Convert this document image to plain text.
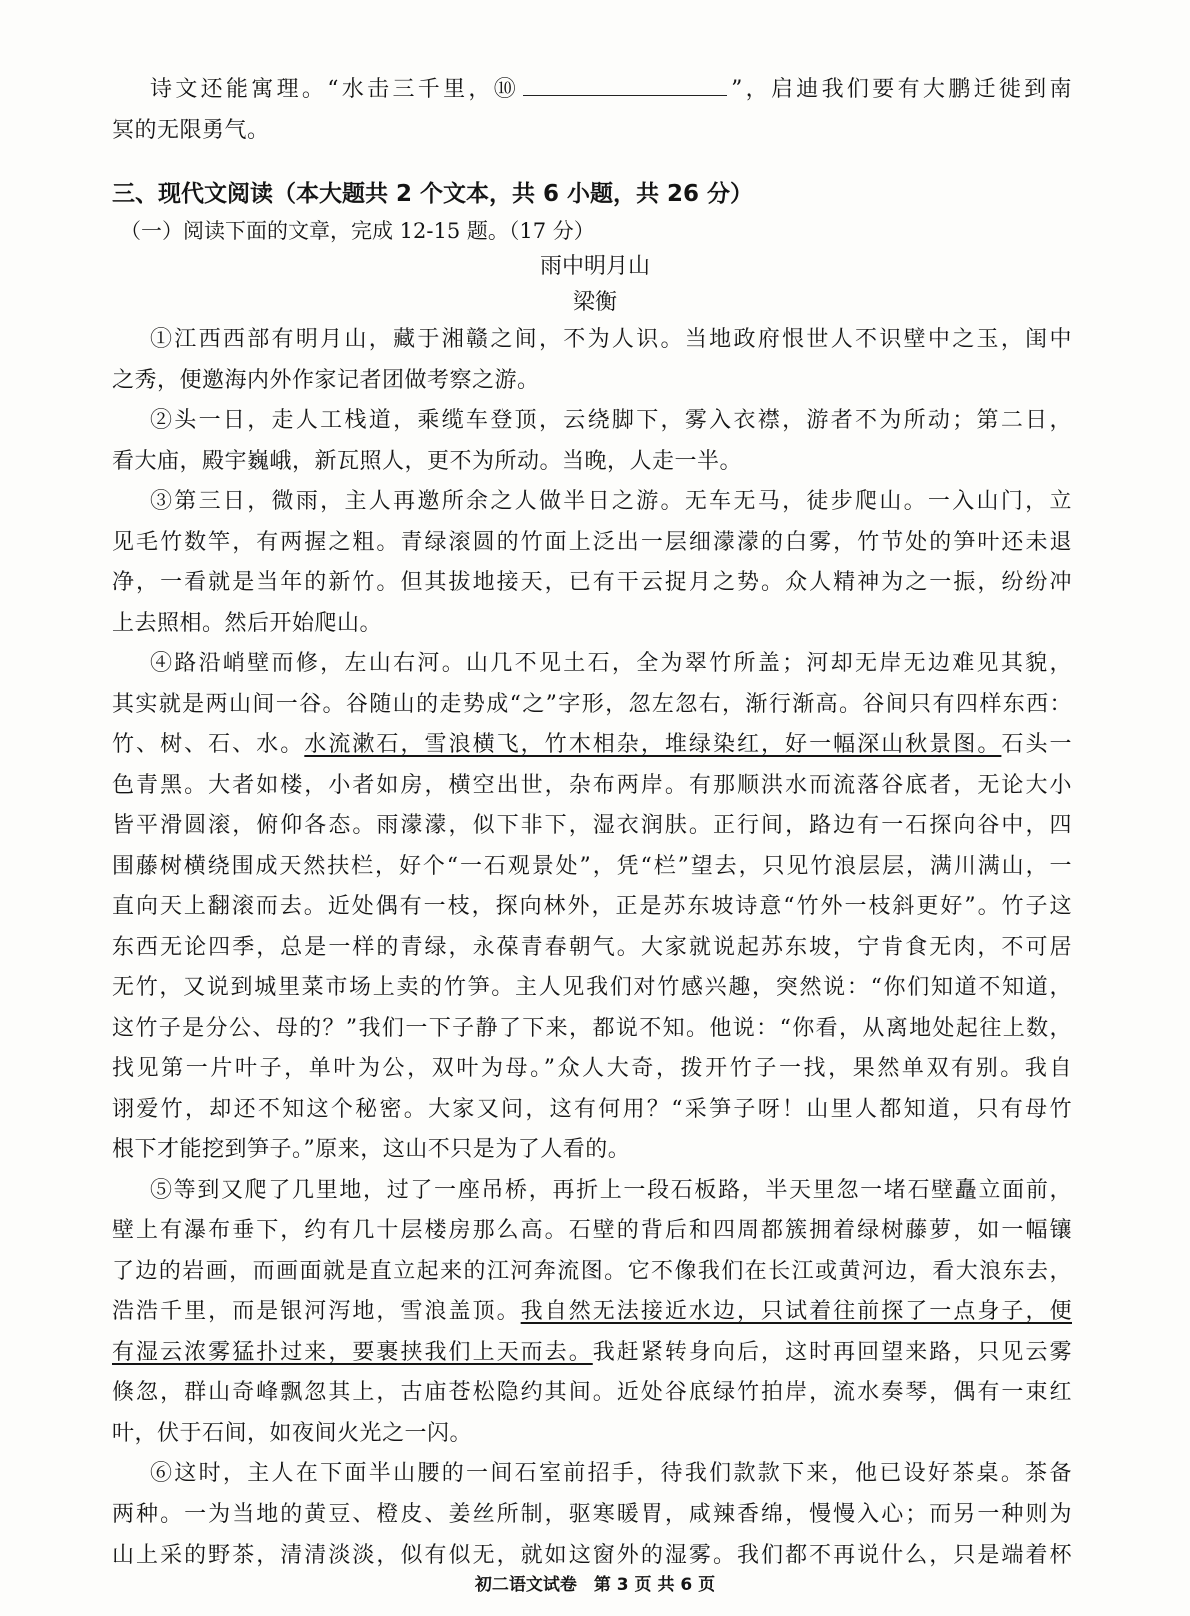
诗文还能寓理。“水击三千里，⑩	”，启迪我们要有大鹏迁徙到南
冥的无限勇气。
三、现代文阅读（本大题共 2 个文本，共 6 小题，共 26 分）
（一）阅读下面的文章，完成 12-15 题。（17 分）
雨中明月山
梁衡
①江西西部有明月山，藏于湘赣之间，不为人识。当地政府恨世人不识壁中之玉，闺中
之秀，便邀海内外作家记者团做考察之游。
②头一日，走人工栈道，乘缆车登顶，云绕脚下，雾入衣襟，游者不为所动；第二日，
看大庙，殿宇巍峨，新瓦照人，更不为所动。当晚，人走一半。
③第三日，微雨，主人再邀所余之人做半日之游。无车无马，徒步爬山。一入山门，立
见毛竹数竿，有两握之粗。青绿滚圆的竹面上泛出一层细濛濛的白雾，竹节处的笋叶还未退
净，一看就是当年的新竹。但其拔地接天，已有干云捉月之势。众人精神为之一振，纷纷冲
上去照相。然后开始爬山。
④路沿峭壁而修，左山右河。山几不见土石，全为翠竹所盖；河却无岸无边难见其貌，
其实就是两山间一谷。谷随山的走势成“之”字形，忽左忽右，渐行渐高。谷间只有四样东西：
竹、树、石、水。水流漱石，雪浪横飞，竹木相杂，堆绿染红，好一幅深山秋景图。石头一
色青黑。大者如楼，小者如房，横空出世，杂布两岸。有那顺洪水而流落谷底者，无论大小
皆平滑圆滚，俯仰各态。雨濛濛，似下非下，湿衣润肤。正行间，路边有一石探向谷中，四
围藤树横绕围成天然扶栏，好个“一石观景处”，凭“栏”望去，只见竹浪层层，满川满山，一
直向天上翻滚而去。近处偶有一枝，探向林外，正是苏东坡诗意“竹外一枝斜更好”。竹子这
东西无论四季，总是一样的青绿，永葆青春朝气。大家就说起苏东坡，宁肯食无肉，不可居
无竹，又说到城里菜市场上卖的竹笋。主人见我们对竹感兴趣，突然说：“你们知道不知道，
这竹子是分公、母的？”我们一下子静了下来，都说不知。他说：“你看，从离地处起往上数，
找见第一片叶子，单叶为公，双叶为母。”众人大奇，拨开竹子一找，果然单双有别。我自
诩爱竹，却还不知这个秘密。大家又问，这有何用？“采笋子呀！山里人都知道，只有母竹
根下才能挖到笋子。”原来，这山不只是为了人看的。
⑤等到又爬了几里地，过了一座吊桥，再折上一段石板路，半天里忽一堵石壁矗立面前，
壁上有瀑布垂下，约有几十层楼房那么高。石壁的背后和四周都簇拥着绿树藤萝，如一幅镶
了边的岩画，而画面就是直立起来的江河奔流图。它不像我们在长江或黄河边，看大浪东去，
浩浩千里，而是银河泻地，雪浪盖顶。我自然无法接近水边，只试着往前探了一点身子，便
有湿云浓雾猛扑过来，要裹挟我们上天而去。我赶紧转身向后，这时再回望来路，只见云雾
倏忽，群山奇峰飘忽其上，古庙苍松隐约其间。近处谷底绿竹拍岸，流水奏琴，偶有一束红
叶，伏于石间，如夜间火光之一闪。
⑥这时，主人在下面半山腰的一间石室前招手，待我们款款下来，他已设好茶桌。茶备
两种。一为当地的黄豆、橙皮、姜丝所制，驱寒暖胃，咸辣香绵，慢慢入心；而另一种则为
初二语文试卷　第 3 页 共 6 页
山上采的野茶，清清淡淡，似有似无，就如这窗外的湿雾。我们都不再说什么，只是端着杯
